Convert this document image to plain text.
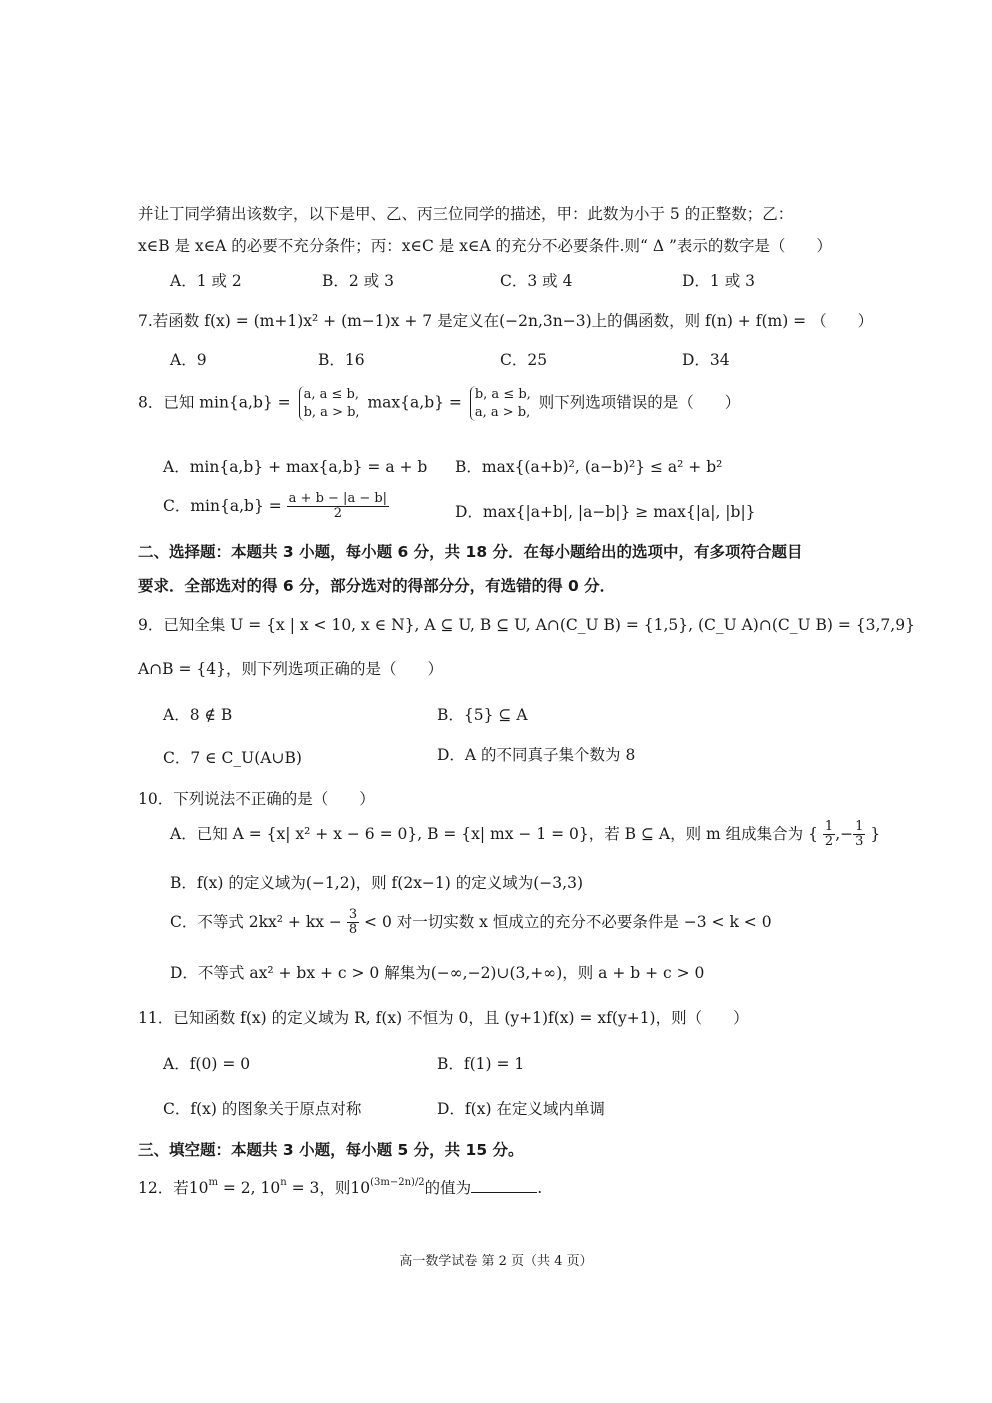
并让丁同学猜出该数字，以下是甲、乙、丙三位同学的描述，甲：此数为小于 5 的正整数；乙：
x∈B 是 x∈A 的必要不充分条件；丙：x∈C 是 x∈A 的充分不必要条件.则“ Δ ”表示的数字是（　　）
A．1 或 2	B．2 或 3	C．3 或 4	D．1 或 3
7.若函数 f(x) = (m+1)x² + (m−1)x + 7 是定义在(−2n,3n−3)上的偶函数，则 f(n) + f(m) = （　　）
A．9	B．16	C．25	D．34
8．已知 min{a,b} = a, a ≤ b,
b, a > b,
max{a,b} = b, a ≤ b,
a, a > b,
则下列选项错误的是（　　）
A．min{a,b} + max{a,b} = a + b B．max{(a+b)², (a−b)²} ≤ a² + b²
C．$\min\{a,b\} = \frac{a + b - |a - b|}{2}$	D．max{|a+b|, |a−b|} ≥ max{|a|, |b|}
二、选择题：本题共 3 小题，每小题 6 分，共 18 分．在每小题给出的选项中，有多项符合题目
要求．全部选对的得 6 分，部分选对的得部分分，有选错的得 0 分．
9．已知全集 U = {x | x < 10, x ∈ N}, A ⊆ U, B ⊆ U, A∩(C_U B) = {1,5}, (C_U A)∩(C_U B) = {3,7,9}
A∩B = {4}，则下列选项正确的是（　　）
A．8 ∉ B	B．{5} ⊆ A
C．7 ∈ C_U(A∪B)	D．A 的不同真子集个数为 8
10．下列说法不正确的是（　　）
A．已知 A = {x| x² + x − 6 = 0}, B = {x| mx − 1 = 0}，若 B ⊆ A，则 m 组成集合为 { $\frac{1}{2}$ ,− $\frac{1}{3}$ }
B．f(x) 的定义域为(−1,2)，则 f(2x−1) 的定义域为(−3,3)
C．不等式 2kx² + kx − $\frac{3}{8} < 0$ 对一切实数 x 恒成立的充分不必要条件是 −3 < k < 0
D．不等式 ax² + bx + c > 0 解集为(−∞,−2)∪(3,+∞)，则 a + b + c > 0
11．已知函数 f(x) 的定义域为 R, f(x) 不恒为 0，且 (y+1)f(x) = xf(y+1)，则（　　）
A．f(0) = 0	B．f(1) = 1
C．f(x) 的图象关于原点对称	D．f(x) 在定义域内单调
三、填空题：本题共 3 小题，每小题 5 分，共 15 分。
12．若$10^m = 2$, $10^n = 3$，则$10^{(3m-2n)/2}$的值为	.
高一数学试卷 第 2 页（共 4 页）
